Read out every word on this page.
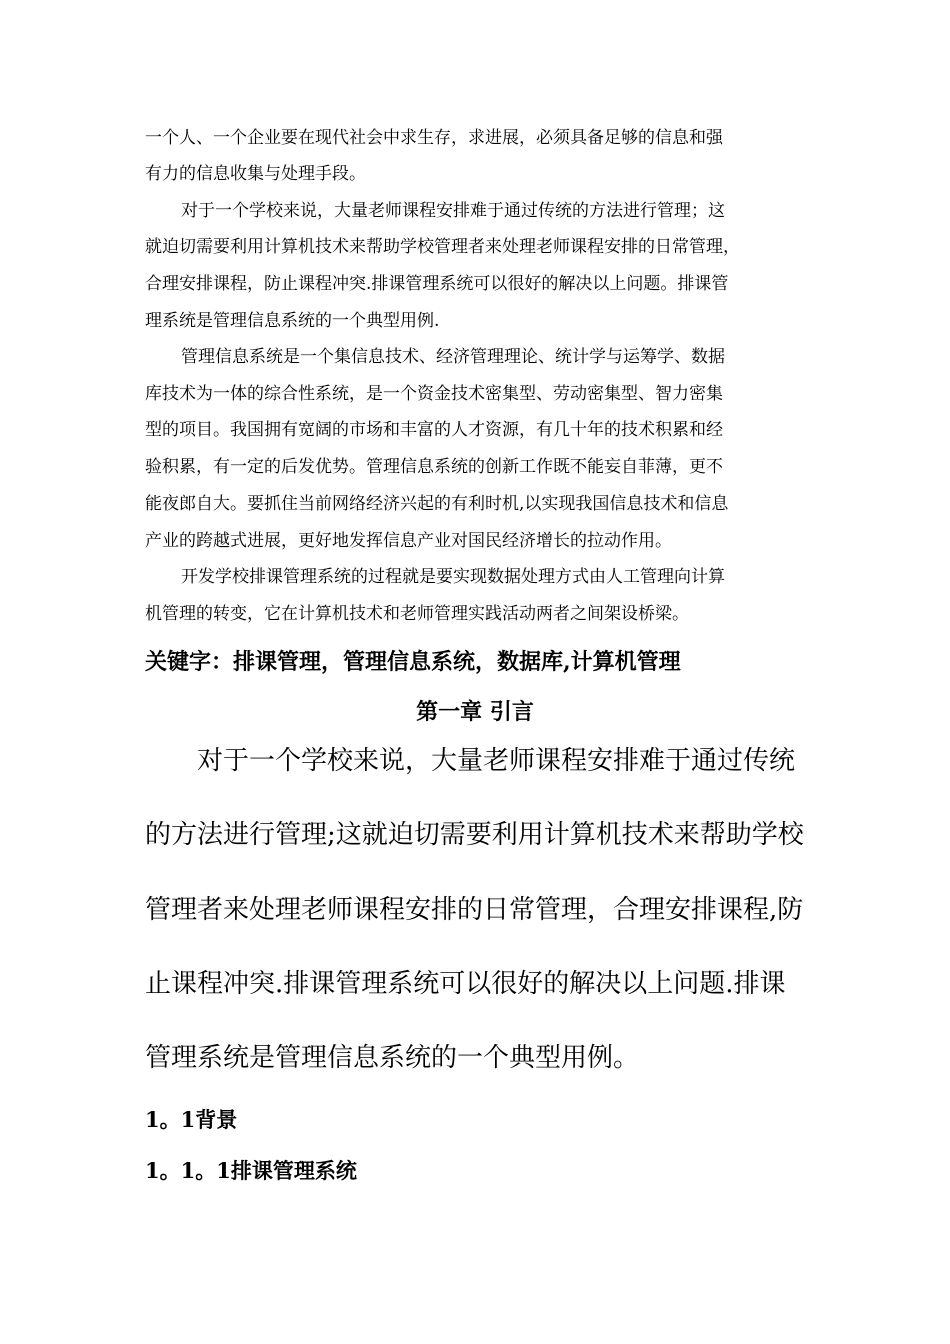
一个人、一个企业要在现代社会中求生存，求进展，必须具备足够的信息和强

有力的信息收集与处理手段。

对于一个学校来说，大量老师课程安排难于通过传统的方法进行管理；这

就迫切需要利用计算机技术来帮助学校管理者来处理老师课程安排的日常管理，

合理安排课程，防止课程冲突.排课管理系统可以很好的解决以上问题。排课管

理系统是管理信息系统的一个典型用例.

管理信息系统是一个集信息技术、经济管理理论、统计学与运筹学、数据

库技术为一体的综合性系统，是一个资金技术密集型、劳动密集型、智力密集

型的项目。我国拥有宽阔的市场和丰富的人才资源，有几十年的技术积累和经

验积累，有一定的后发优势。管理信息系统的创新工作既不能妄自菲薄，更不

能夜郎自大。要抓住当前网络经济兴起的有利时机,以实现我国信息技术和信息

产业的跨越式进展，更好地发挥信息产业对国民经济增长的拉动作用。

开发学校排课管理系统的过程就是要实现数据处理方式由人工管理向计算

机管理的转变，它在计算机技术和老师管理实践活动两者之间架设桥梁。

关键字：排课管理，管理信息系统，数据库,计算机管理

对于一个学校来说，大量老师课程安排难于通过传统

的方法进行管理;这就迫切需要利用计算机技术来帮助学校

管理者来处理老师课程安排的日常管理，合理安排课程,防

止课程冲突.排课管理系统可以很好的解决以上问题.排课

管理系统是管理信息系统的一个典型用例。

1。1背景
1。1。1排课管理系统
第一章 引言
